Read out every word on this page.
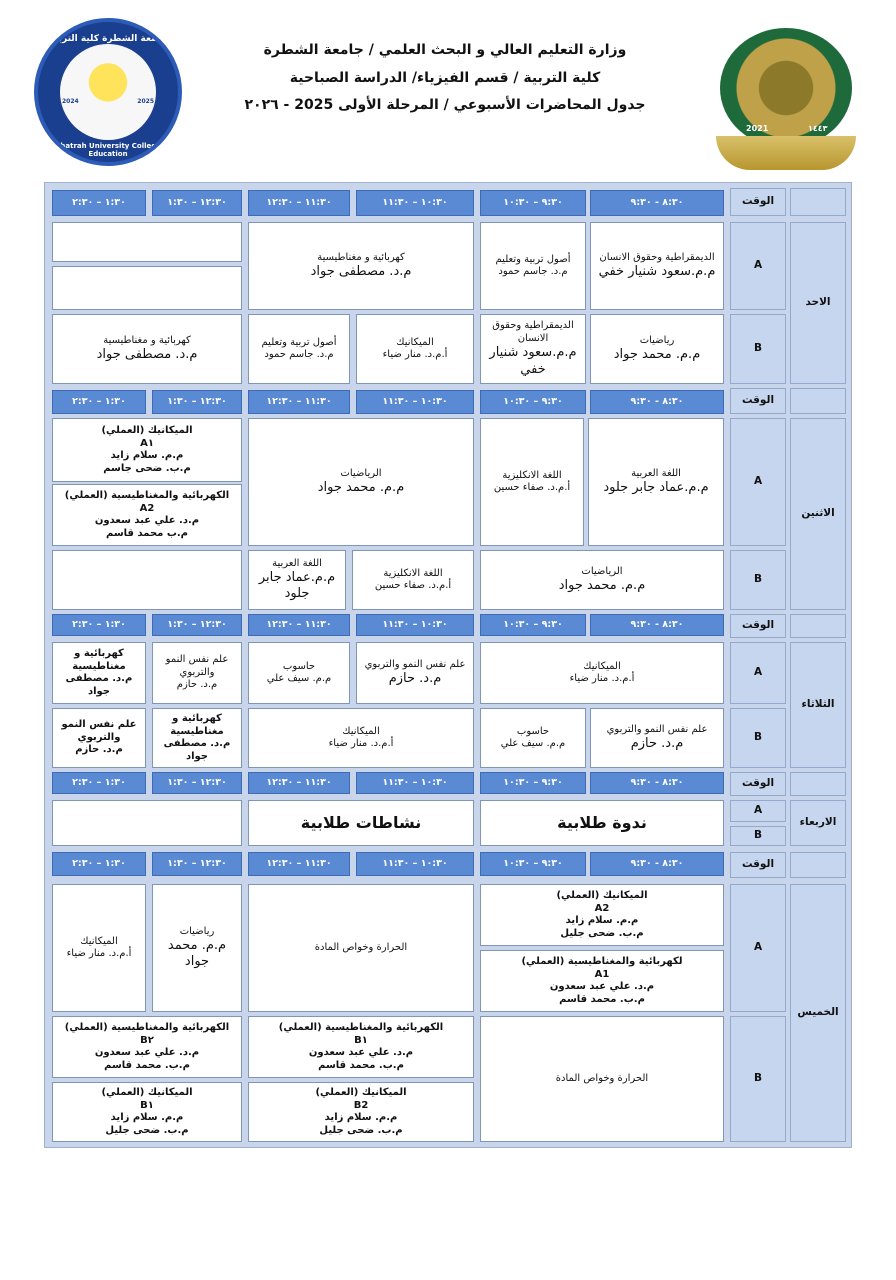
وزارة التعليم العالي و البحث العلمي / جامعة الشطرة
كلية التربية / قسم الفيزياء/ الدراسة الصباحية
جدول المحاضرات الأسبوعي / المرحلة الأولى 2025 - ٢٠٢٦
جامعة الشطرة كلية التربية
2024	2025
Al-Shatrah University College of Education
2021	١٤٤٣
الوقت
٨:٣٠ - ٩:٣٠
٩:٣٠ – ١٠:٣٠
١٠:٣٠ – ١١:٣٠
١١:٣٠ – ١٢:٣٠
١٢:٣٠ – ١:٣٠
١:٣٠ – ٢:٣٠
الاحد
A
B
الديمقراطية وحقوق الانسان
م.م.سعود شنيار خفي
أصول تربية وتعليم
م.د. جاسم حمود
كهربائية و مغناطيسية
م.د. مصطفى جواد
رياضيات
م.م. محمد جواد
الديمقراطية وحقوق الانسان
م.م.سعود شنيار خفي
الميكانيك
أ.م.د. منار ضياء
أصول تربية وتعليم
م.د. جاسم حمود
كهربائية و مغناطيسية
م.د. مصطفى جواد
الوقت
٨:٣٠ - ٩:٣٠
٩:٣٠ – ١٠:٣٠
١٠:٣٠ – ١١:٣٠
١١:٣٠ – ١٢:٣٠
١٢:٣٠ – ١:٣٠
١:٣٠ – ٢:٣٠
الاثنين
A
B
اللغة العربية
م.م.عماد جابر جلود
اللغة الانكليزية
أ.م.د. صفاء حسين
الرياضيات
م.م. محمد جواد
الميكانيك (العملي)
A١
م.م. سلام زايد
م.ب. ضحى جاسم
الكهربائية والمغناطيسية (العملي)
A2
م.د. علي عبد سعدون
م.ب محمد قاسم
الرياضيات
م.م. محمد جواد
اللغة الانكليزية
أ.م.د. صفاء حسين
اللغة العربية
م.م.عماد جابر جلود
الوقت
٨:٣٠ - ٩:٣٠
٩:٣٠ – ١٠:٣٠
١٠:٣٠ – ١١:٣٠
١١:٣٠ – ١٢:٣٠
١٢:٣٠ – ١:٣٠
١:٣٠ – ٢:٣٠
الثلاثاء
A
B
الميكانيك
أ.م.د. منار ضياء
علم نفس النمو والتربوي
م.د. حازم
حاسوب
م.م. سيف علي
علم نفس النمو والتربوي
م.د. حازم
كهربائية و مغناطيسية
م.د. مصطفى جواد
علم نفس النمو والتربوي
م.د. حازم
حاسوب
م.م. سيف علي
الميكانيك
أ.م.د. منار ضياء
كهربائية و مغناطيسية
م.د. مصطفى جواد
علم نفس النمو والتربوي
م.د. حازم
الوقت
٨:٣٠ - ٩:٣٠
٩:٣٠ – ١٠:٣٠
١٠:٣٠ – ١١:٣٠
١١:٣٠ – ١٢:٣٠
١٢:٣٠ – ١:٣٠
١:٣٠ – ٢:٣٠
الاربعاء
A
B
ندوة طلابية
نشاطات طلابية
الوقت
٨:٣٠ - ٩:٣٠
٩:٣٠ – ١٠:٣٠
١٠:٣٠ – ١١:٣٠
١١:٣٠ – ١٢:٣٠
١٢:٣٠ – ١:٣٠
١:٣٠ – ٢:٣٠
الخميس
A
B
الميكانيك (العملي)
A2
م.م. سلام زايد
م.ب. ضحى جليل
لكهربائية والمغناطيسية (العملي)
A1
م.د. علي عبد سعدون
م.ب. محمد قاسم
الحرارة وخواص المادة
رياضيات
م.م. محمد جواد
الميكانيك
أ.م.د. منار ضياء
الحرارة وخواص المادة
الكهربائية والمغناطيسية (العملي)
B١
م.د. علي عبد سعدون
م.ب. محمد قاسم
الميكانيك (العملي)
B2
م.م. سلام زايد
م.ب. ضحى جليل
الكهربائية والمغناطيسية (العملي)
B٢
م.د. علي عبد سعدون
م.ب. محمد قاسم
الميكانيك (العملي)
B١
م.م. سلام زايد
م.ب. ضحى جليل
